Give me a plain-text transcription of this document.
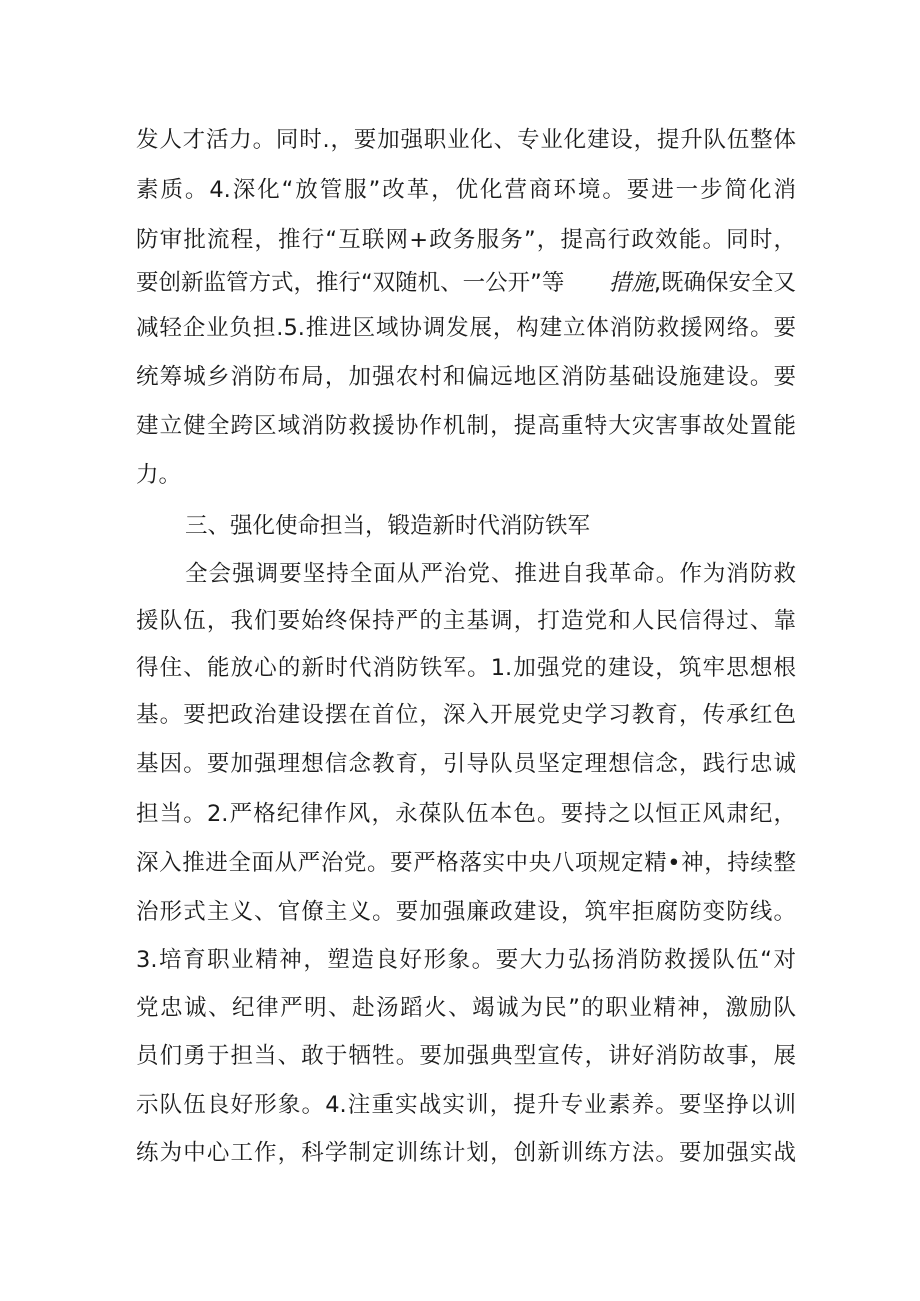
发人才活力。同时.，要加强职业化、专业化建设，提升队伍整体
素质。4.深化“放管服”改革，优化营商环境。要进一步简化消
防审批流程，推行“互联网+政务服务”，提高行政效能。同时，
要创新监管方式，推行“双随机、一公开”等 措施 ,既确保安全又
减轻企业负担.5.推进区域协调发展，构建立体消防救援网络。要
统筹城乡消防布局，加强农村和偏远地区消防基础设施建设。要
建立健全跨区域消防救援协作机制，提高重特大灾害事故处置能
力。
三、强化使命担当，锻造新时代消防铁军
全会强调要坚持全面从严治党、推进自我革命。作为消防救
援队伍，我们要始终保持严的主基调，打造党和人民信得过、靠
得住、能放心的新时代消防铁军。1.加强党的建设，筑牢思想根
基。要把政治建设摆在首位，深入开展党史学习教育，传承红色
基因。要加强理想信念教育，引导队员坚定理想信念，践行忠诚
担当。2.严格纪律作风，永葆队伍本色。要持之以恒正风肃纪，
深入推进全面从严治党。要严格落实中央八项规定精•神，持续整
治形式主义、官僚主义。要加强廉政建设，筑牢拒腐防变防线。
3.培育职业精神，塑造良好形象。要大力弘扬消防救援队伍“对
党忠诚、纪律严明、赴汤蹈火、竭诚为民”的职业精神，激励队
员们勇于担当、敢于牺牲。要加强典型宣传，讲好消防故事，展
示队伍良好形象。4.注重实战实训，提升专业素养。要坚挣以训
练为中心工作，科学制定训练计划，创新训练方法。要加强实战
